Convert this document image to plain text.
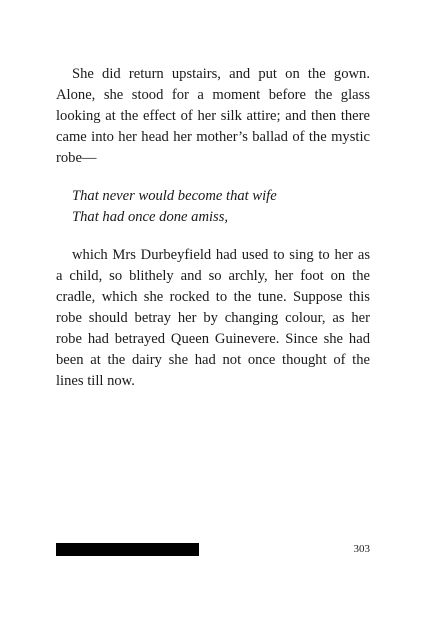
She did return upstairs, and put on the gown. Alone, she stood for a moment before the glass looking at the effect of her silk attire; and then there came into her head her mother’s ballad of the mystic robe—

That never would become that wife
That had once done amiss,

which Mrs Durbeyfield had used to sing to her as a child, so blithely and so archly, her foot on the cradle, which she rocked to the tune. Suppose this robe should betray her by changing colour, as her robe had betrayed Queen Guinevere. Since she had been at the dairy she had not once thought of the lines till now.

303
